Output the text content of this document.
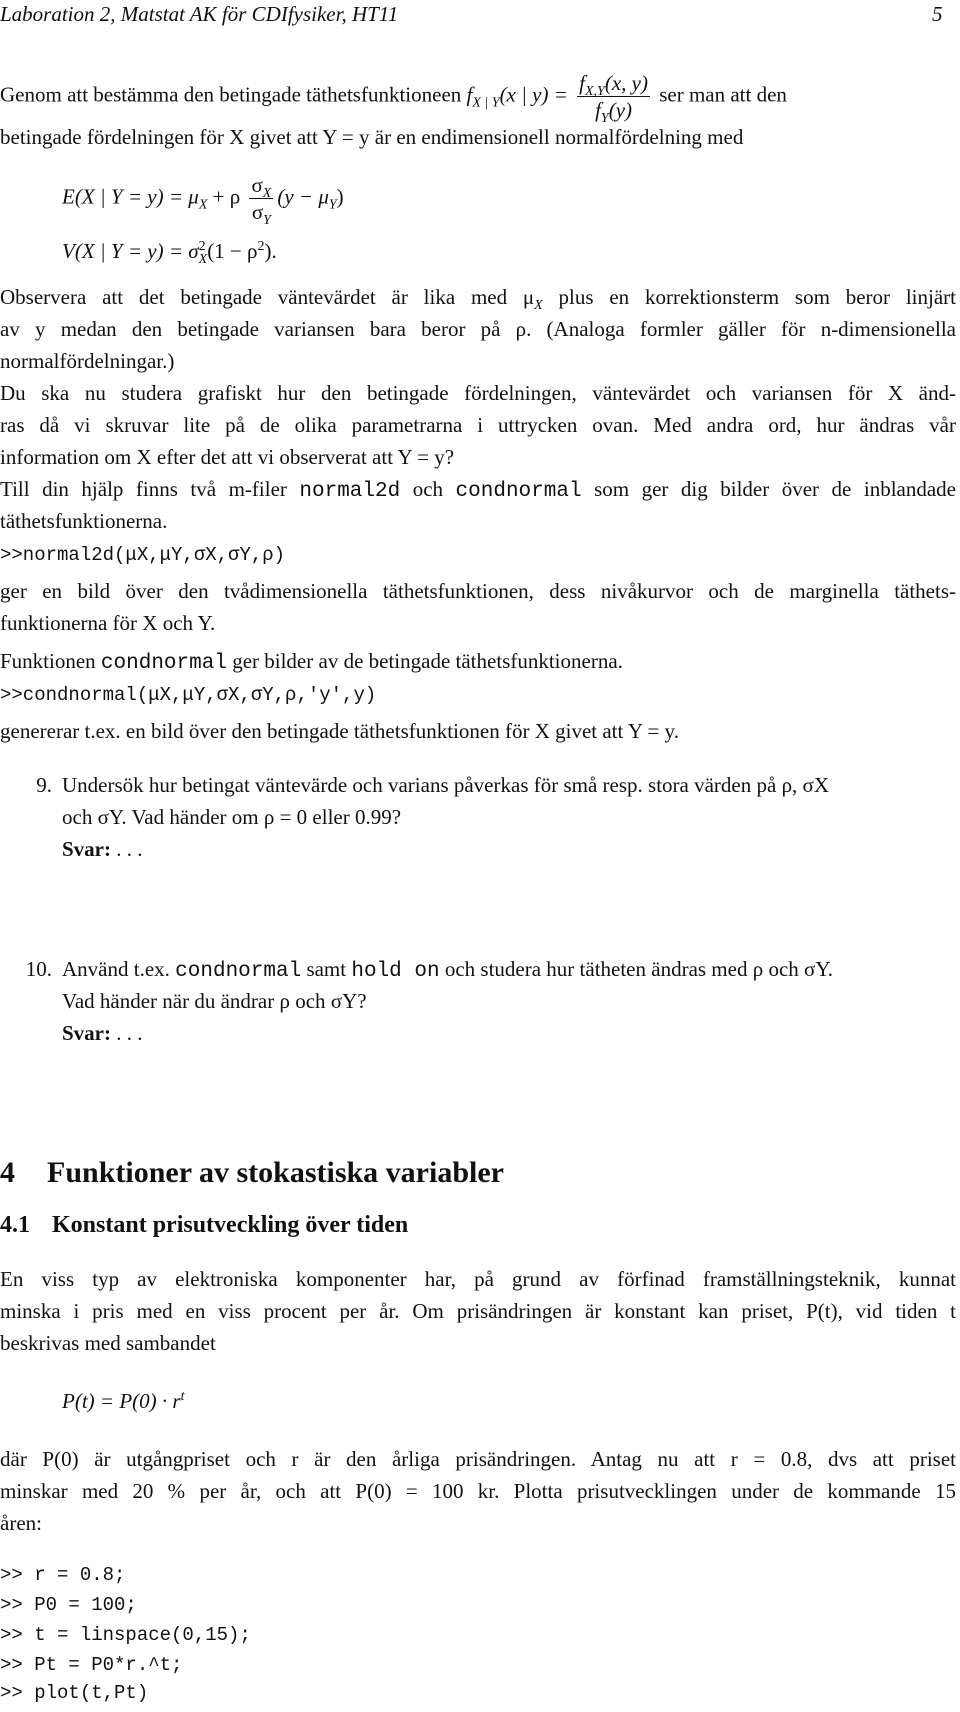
Laboration 2, Matstat AK för CDIfysiker, HT11	5
Genom att bestämma den betingade täthetsfunktioneen $f_{X | Y}(x$ | $y) = \frac{f_{X,Y}(x, y)}{f_Y(y)}$ ser man att den
betingade fördelningen för X givet att Y = y är en endimensionell normalfördelning med
E(X | $Y = y) = \mu_X + \rho \frac{\sigma_X}{\sigma_Y} (y - \mu_Y)$
V(X | $Y = y) = \sigma^2_X(1 - \rho^2)$.
Observera att det betingade väntevärdet är lika med $\mu_X$ plus en korrektionsterm som beror linjärt
av y medan den betingade variansen bara beror på ρ. (Analoga formler gäller för n-dimensionella
normalfördelningar.)
Du ska nu studera grafiskt hur den betingade fördelningen, väntevärdet och variansen för X änd-
ras då vi skruvar lite på de olika parametrarna i uttrycken ovan. Med andra ord, hur ändras vår
information om X efter det att vi observerat att Y = y?
Till din hjälp finns två m-filer normal2d och condnormal som ger dig bilder över de inblandade
täthetsfunktionerna.
>>normal2d(μX,μY,σX,σY,ρ)
ger en bild över den tvådimensionella täthetsfunktionen, dess nivåkurvor och de marginella täthets-
funktionerna för X och Y.
Funktionen condnormal ger bilder av de betingade täthetsfunktionerna.
>>condnormal(μX,μY,σX,σY,ρ,'y',y)
genererar t.ex. en bild över den betingade täthetsfunktionen för X givet att Y = y.
9. Undersök hur betingat väntevärde och varians påverkas för små resp. stora värden på ρ, σX
och σY. Vad händer om ρ = 0 eller 0.99?
Svar: . . .
10. Använd t.ex. condnormal samt hold on och studera hur tätheten ändras med ρ och σY.
Vad händer när du ändrar ρ och σY?
Svar: . . .
4 Funktioner av stokastiska variabler
4.1 Konstant prisutveckling över tiden
En viss typ av elektroniska komponenter har, på grund av förfinad framställningsteknik, kunnat
minska i pris med en viss procent per år. Om prisändringen är konstant kan priset, P(t), vid tiden t
beskrivas med sambandet
$P(t) = P(0) \cdot r^t$
där P(0) är utgångpriset och r är den årliga prisändringen. Antag nu att r = 0.8, dvs att priset
minskar med 20 % per år, och att P(0) = 100 kr. Plotta prisutvecklingen under de kommande 15
åren:
>> r = 0.8;
>> P0 = 100;
>> t = linspace(0,15);
>> Pt = P0*r.^t;
>> plot(t,Pt)
